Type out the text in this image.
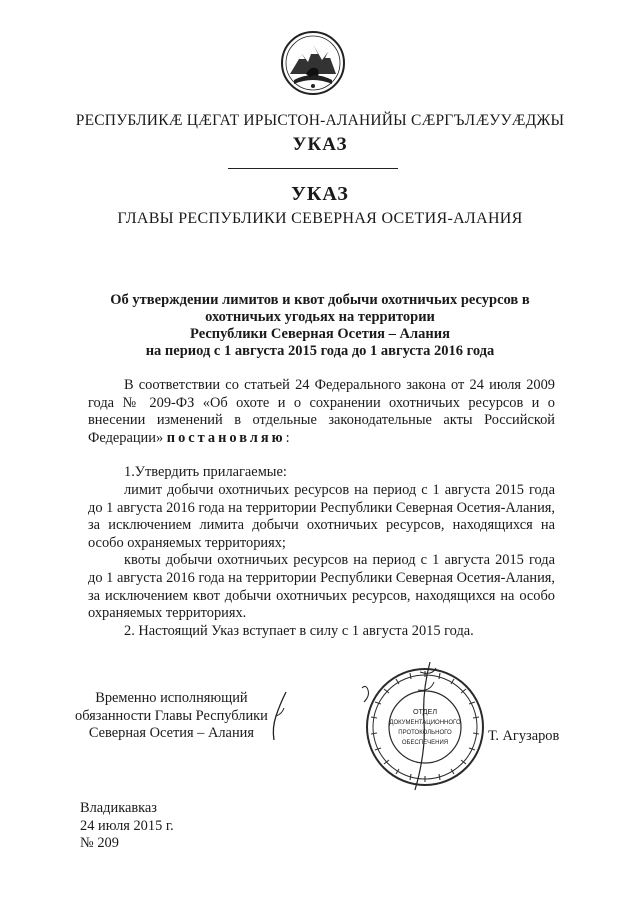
РЕСПУБЛИКӔ ЦӔГАТ ИРЫСТОН-АЛАНИЙЫ СӔРГЪЛӔУУӔДЖЫ
УКАЗ
УКАЗ
ГЛАВЫ РЕСПУБЛИКИ СЕВЕРНАЯ ОСЕТИЯ-АЛАНИЯ
Об утверждении лимитов и квот добычи охотничьих ресурсов в
охотничьих угодьях на территории
Республики Северная Осетия – Алания
на период с 1 августа 2015 года до 1 августа 2016 года

В соответствии со статьей 24 Федерального закона от 24 июля 2009 года № 209-ФЗ «Об охоте и о сохранении охотничьих ресурсов и о внесении изменений в отдельные законодательные акты Российской Федерации» постановляю:

1.Утвердить прилагаемые:

лимит добычи охотничьих ресурсов на период с 1 августа 2015 года до 1 августа 2016 года на территории Республики Северная Осетия-Алания, за исключением лимита добычи охотничьих ресурсов, находящихся на особо охраняемых территориях;

квоты добычи охотничьих ресурсов на период с 1 августа 2015 года до 1 августа 2016 года на территории Республики Северная Осетия-Алания, за исключением квот добычи охотничьих ресурсов, находящихся на особо охраняемых территориях.

2. Настоящий Указ вступает в силу с 1 августа 2015 года.

Временно исполняющий
обязанности Главы Республики
Северная Осетия – Алания
ОТДЕЛ
ДОКУМЕНТАЦИОННОГО
ПРОТОКОЛЬНОГО
ОБЕСПЕЧЕНИЯ	Т. Агузаров
Владикавказ
24 июля 2015 г.
№ 209
